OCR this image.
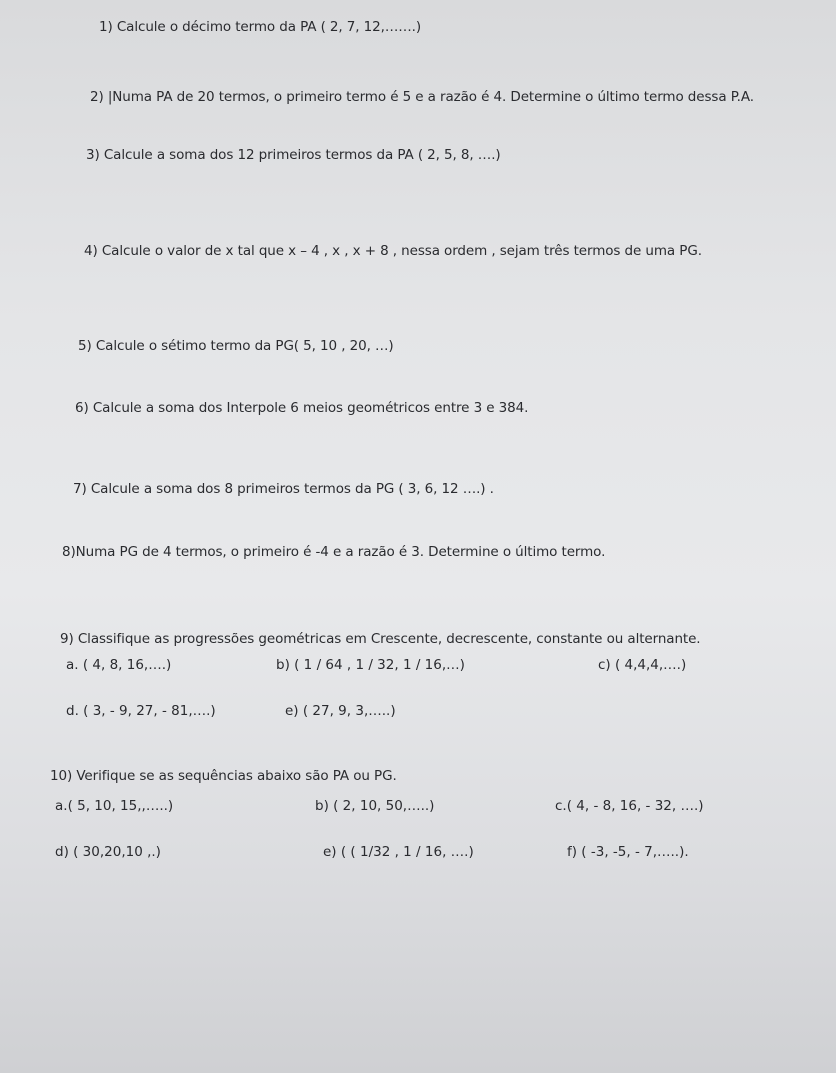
1) Calcule o décimo termo da PA ( 2, 7, 12,…….)
2) |Numa PA de 20 termos, o primeiro termo é 5 e a razão é 4. Determine o último termo dessa P.A.
3) Calcule a soma dos 12 primeiros termos da PA ( 2, 5, 8, ….)
4) Calcule o valor de x tal que x – 4 , x , x + 8 , nessa ordem , sejam três termos de uma PG.
5) Calcule o sétimo termo da PG( 5, 10 , 20, …)
6) Calcule a soma dos Interpole 6 meios geométricos entre 3 e 384.
7) Calcule a soma dos 8 primeiros termos da PG ( 3, 6, 12 ….) .
8)Numa PG de 4 termos, o primeiro é -4 e a razão é 3. Determine o último termo.
9) Classifique as progressões geométricas em Crescente, decrescente, constante ou alternante.
a. ( 4, 8, 16,….)	b) ( 1 / 64 , 1 / 32, 1 / 16,…)	c) ( 4,4,4,….)
d. ( 3, - 9, 27, - 81,….)	e) ( 27, 9, 3,…..)
10) Verifique se as sequências abaixo são PA ou PG.
a.( 5, 10, 15,,…..)	b) ( 2, 10, 50,…..)	c.( 4, - 8, 16, - 32, ….)
d) ( 30,20,10 ,.)	e) ( ( 1/32 , 1 / 16, ….)	f) ( -3, -5, - 7,…..).
